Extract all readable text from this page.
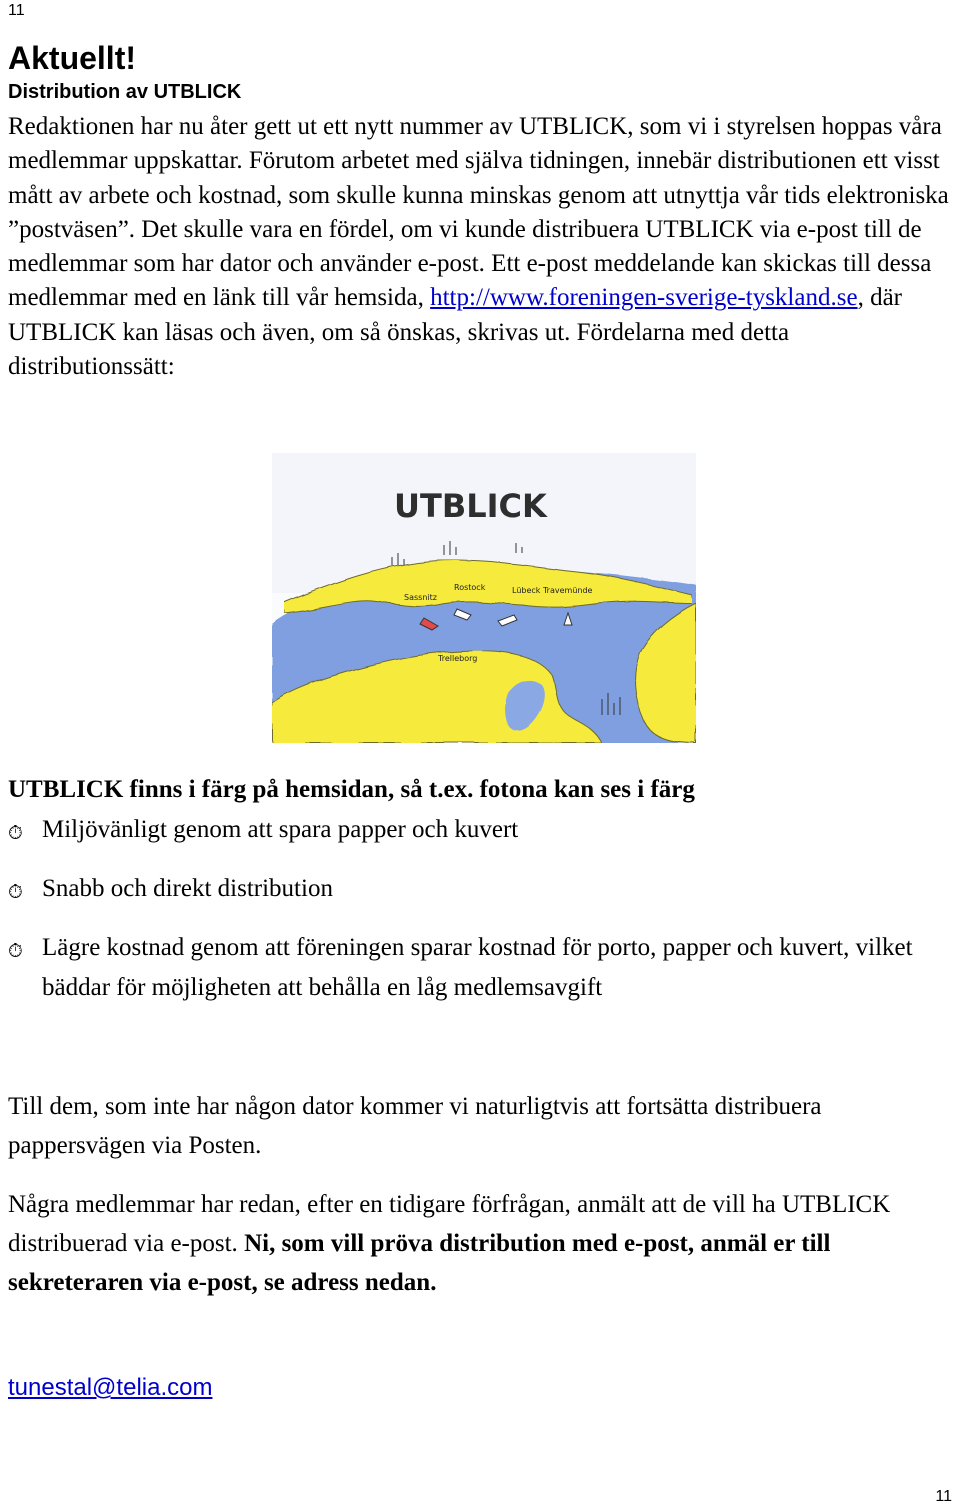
11
Aktuellt!
Distribution av UTBLICK

Redaktionen har nu åter gett ut ett nytt nummer av UTBLICK, som vi i styrelsen hoppas våra medlemmar uppskattar. Förutom arbetet med själva tidningen, innebär distributionen ett visst mått av arbete och kostnad, som skulle kunna minskas genom att utnyttja vår tids elektroniska ”postväsen”. Det skulle vara en fördel, om vi kunde distribuera UTBLICK via e-post till de medlemmar som har dator och använder e-post. Ett e-post meddelande kan skickas till dessa medlemmar med en länk till vår hemsida, http://www.foreningen-sverige-tyskland.se, där UTBLICK kan läsas och även, om så önskas, skrivas ut. Fördelarna med detta distributionssätt:

Sassnitz
Rostock	Lübeck Travemünde
Trelleborg
UTBLICK

UTBLICK finns i färg på hemsidan, så t.ex. fotona kan ses i färg

⏱ Miljövänligt genom att spara papper och kuvert
⏱ Snabb och direkt distribution
⏱ Lägre kostnad genom att föreningen sparar kostnad för porto, papper och kuvert, vilket bäddar för möjligheten att behålla en låg medlemsavgift

Till dem, som inte har någon dator kommer vi naturligtvis att fortsätta distribuera pappersvägen via Posten.

Några medlemmar har redan, efter en tidigare förfrågan, anmält att de vill ha UTBLICK distribuerad via e-post. Ni, som vill pröva distribution med e-post, anmäl er till sekreteraren via e-post, se adress nedan.

tunestal@telia.com
11
